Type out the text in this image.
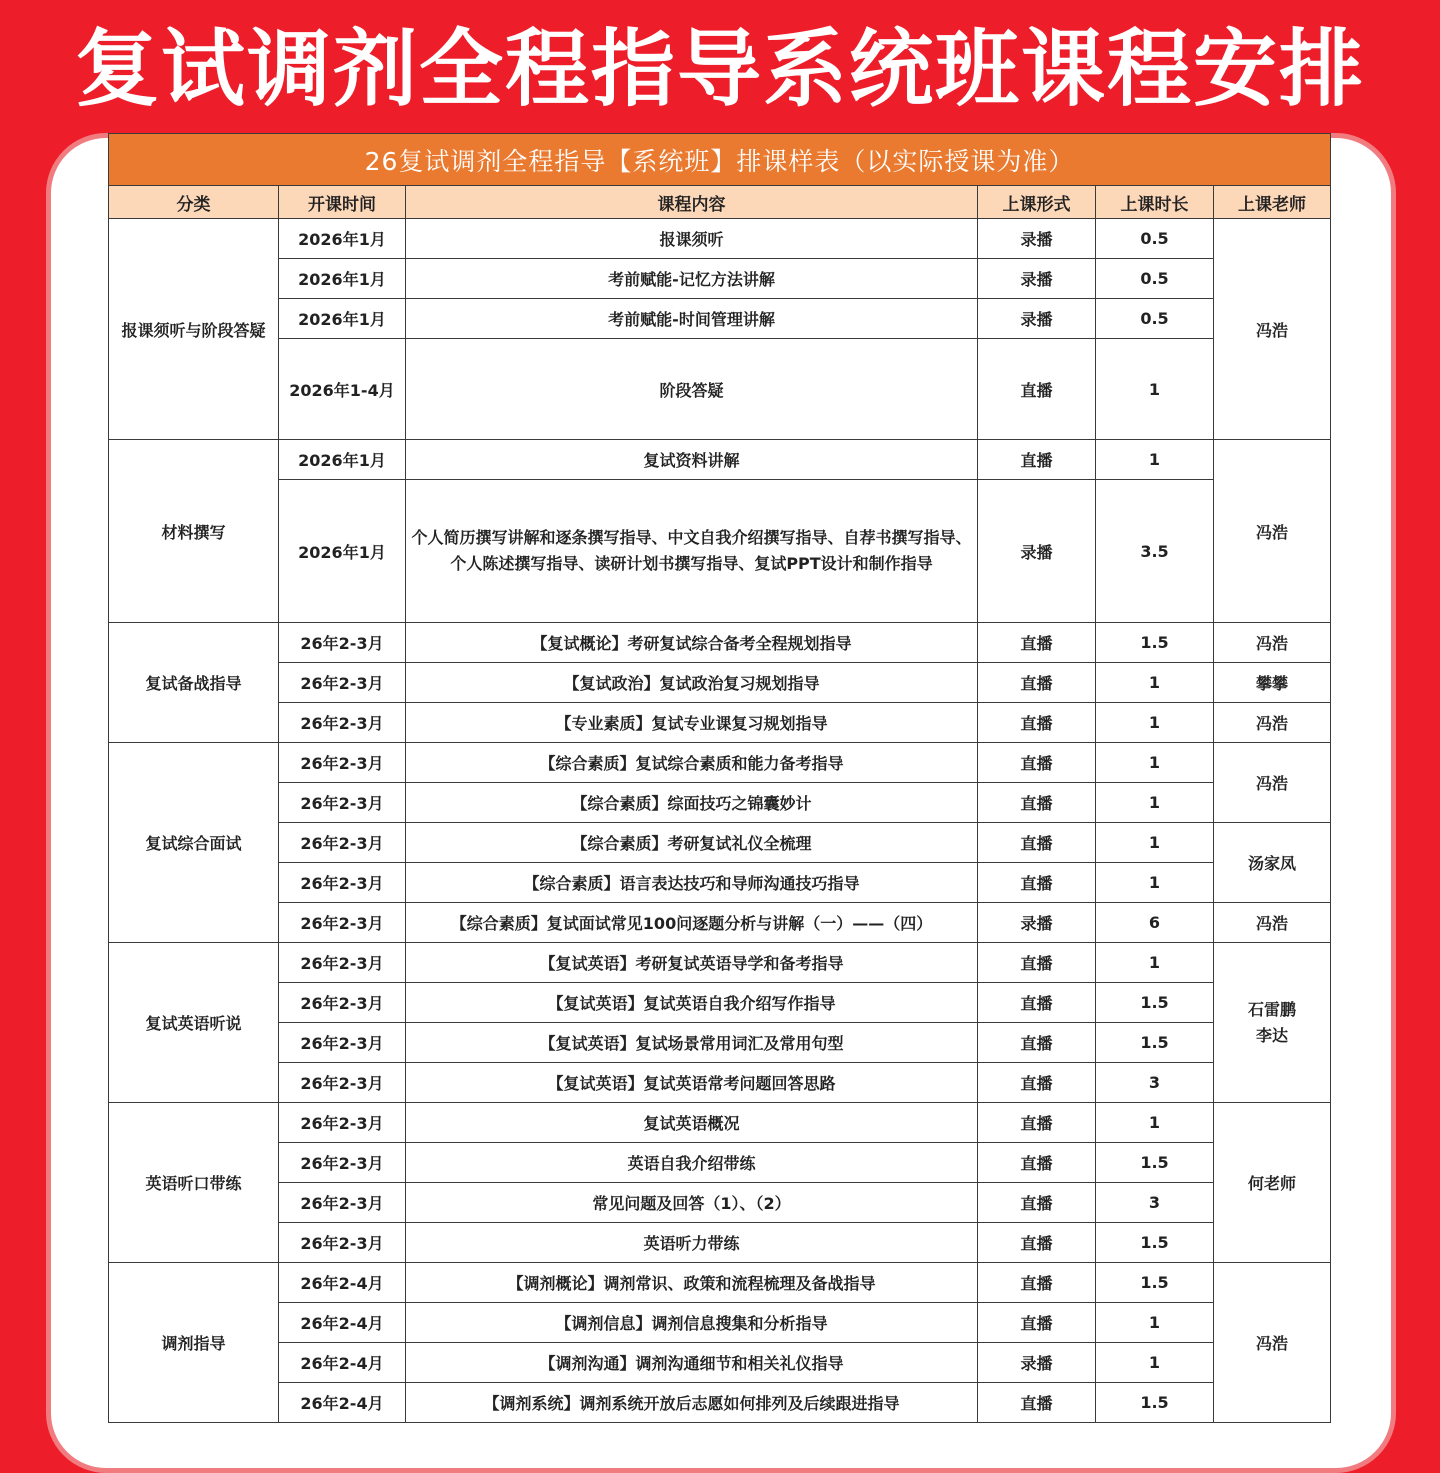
复试调剂全程指导系统班课程安排
26复试调剂全程指导【系统班】排课样表（以实际授课为准）					
分类	开课时间	课程内容	上课形式	上课时长	上课老师
报课须听与阶段答疑	2026年1月	报课须听	录播	0.5	冯浩
	2026年1月	考前赋能-记忆方法讲解	录播	0.5	
	2026年1月	考前赋能-时间管理讲解	录播	0.5	
	2026年1-4月	阶段答疑	直播	1	
材料撰写	2026年1月	复试资料讲解	直播	1	冯浩
	2026年1月	个人简历撰写讲解和逐条撰写指导、中文自我介绍撰写指导、自荐书撰写指导、个人陈述撰写指导、读研计划书撰写指导、复试PPT设计和制作指导	录播	3.5	
复试备战指导	26年2-3月	【复试概论】考研复试综合备考全程规划指导	直播	1.5	冯浩
	26年2-3月	【复试政治】复试政治复习规划指导	直播	1	攀攀
	26年2-3月	【专业素质】复试专业课复习规划指导	直播	1	冯浩
复试综合面试	26年2-3月	【综合素质】复试综合素质和能力备考指导	直播	1	冯浩
	26年2-3月	【综合素质】综面技巧之锦囊妙计	直播	1	
	26年2-3月	【综合素质】考研复试礼仪全梳理	直播	1	汤家凤
	26年2-3月	【综合素质】语言表达技巧和导师沟通技巧指导	直播	1	
	26年2-3月	【综合素质】复试面试常见100问逐题分析与讲解（一）——（四）	录播	6	冯浩
复试英语听说	26年2-3月	【复试英语】考研复试英语导学和备考指导	直播	1	石雷鹏
李达

	26年2-3月	【复试英语】复试英语自我介绍写作指导	直播	1.5	
	26年2-3月	【复试英语】复试场景常用词汇及常用句型	直播	1.5	
	26年2-3月	【复试英语】复试英语常考问题回答思路	直播	3	
英语听口带练	26年2-3月	复试英语概况	直播	1	何老师
	26年2-3月	英语自我介绍带练	直播	1.5	
	26年2-3月	常见问题及回答（1）、（2）	直播	3	
	26年2-3月	英语听力带练	直播	1.5	
调剂指导	26年2-4月	【调剂概论】调剂常识、政策和流程梳理及备战指导	直播	1.5	冯浩
	26年2-4月	【调剂信息】调剂信息搜集和分析指导	直播	1	
	26年2-4月	【调剂沟通】调剂沟通细节和相关礼仪指导	录播	1	
	26年2-4月	【调剂系统】调剂系统开放后志愿如何排列及后续跟进指导	直播	1.5	
